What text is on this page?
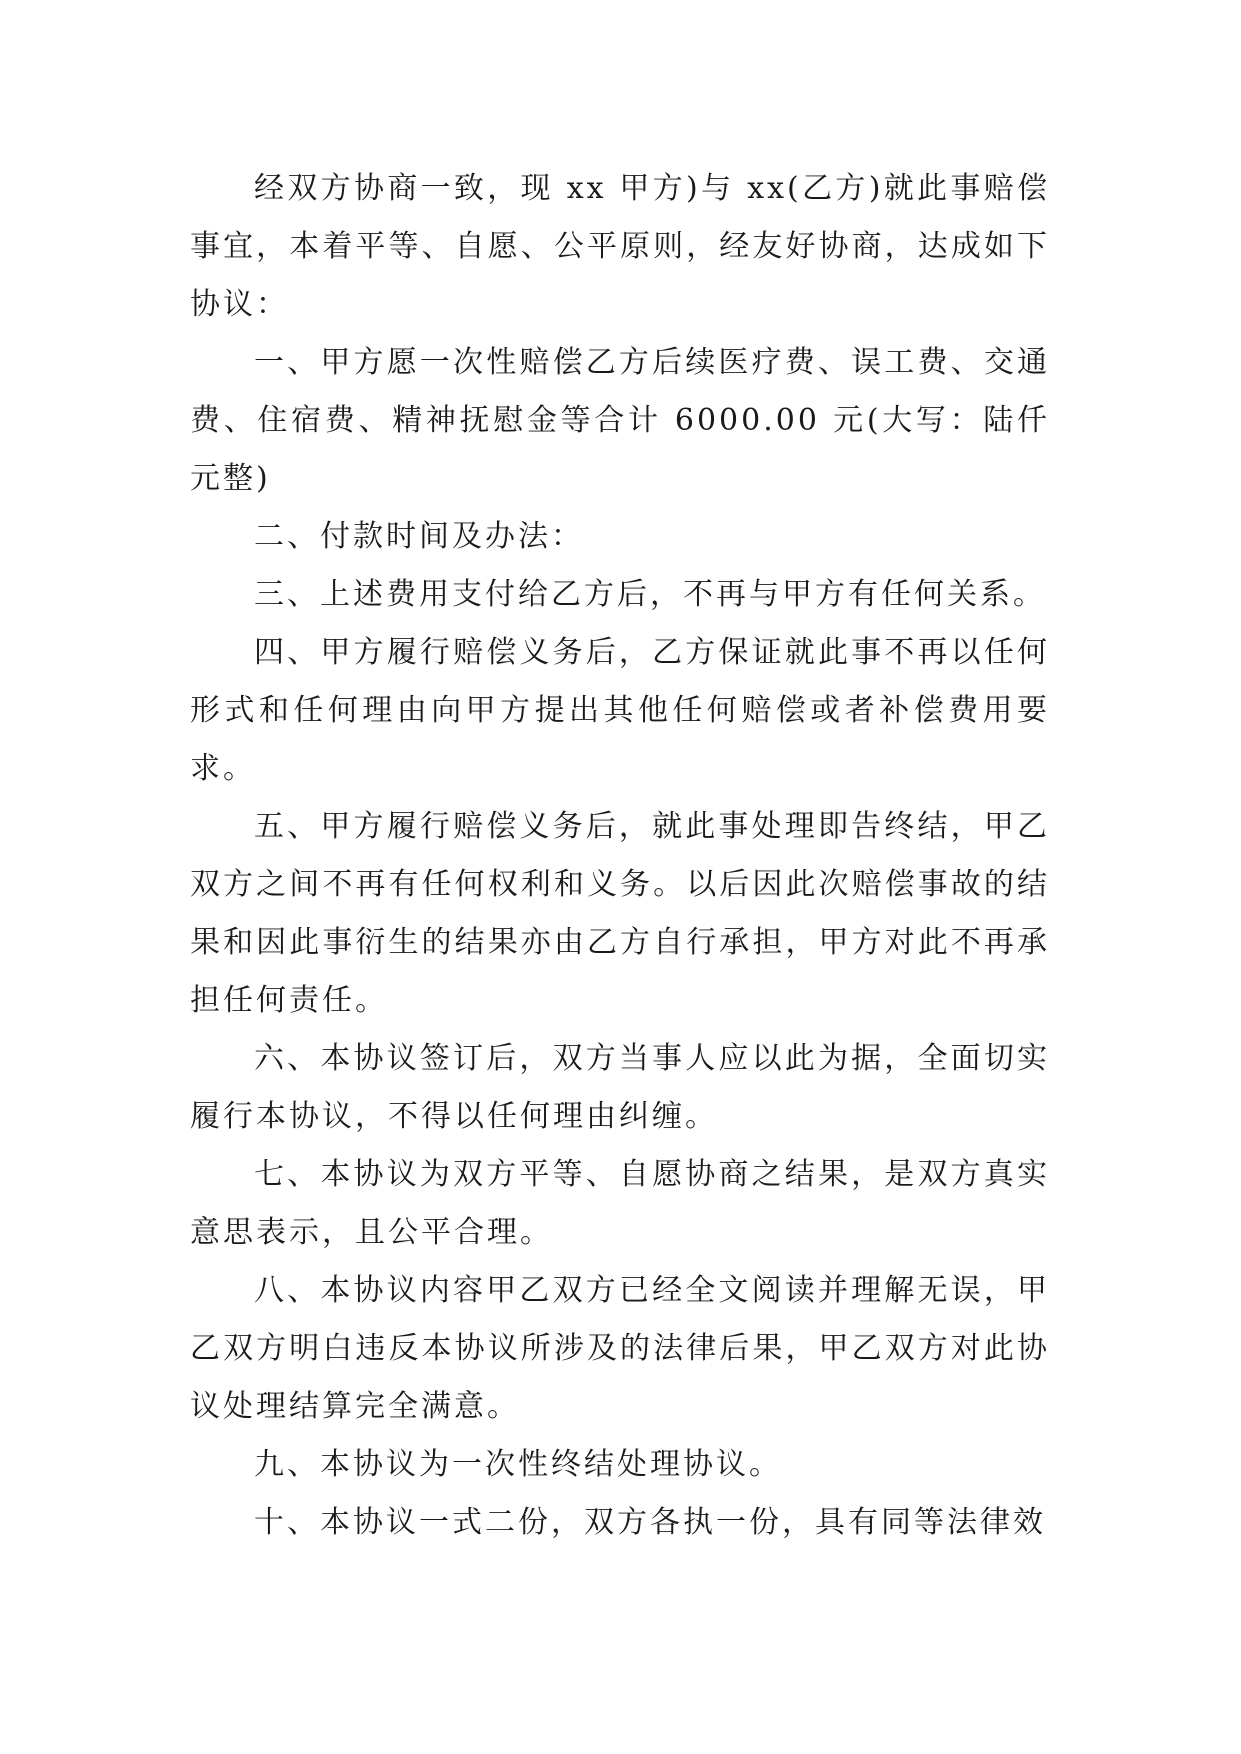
经双方协商一致，现 xx 甲方)与 xx(乙方)就此事赔偿事宜，本着平等、自愿、公平原则，经友好协商，达成如下协议：

一、甲方愿一次性赔偿乙方后续医疗费、误工费、交通费、住宿费、精神抚慰金等合计 6000.00 元(大写：陆仟元整)

二、付款时间及办法：

三、上述费用支付给乙方后，不再与甲方有任何关系。

四、甲方履行赔偿义务后，乙方保证就此事不再以任何形式和任何理由向甲方提出其他任何赔偿或者补偿费用要求。

五、甲方履行赔偿义务后，就此事处理即告终结，甲乙双方之间不再有任何权利和义务。以后因此次赔偿事故的结果和因此事衍生的结果亦由乙方自行承担，甲方对此不再承担任何责任。

六、本协议签订后，双方当事人应以此为据，全面切实履行本协议，不得以任何理由纠缠。

七、本协议为双方平等、自愿协商之结果，是双方真实意思表示，且公平合理。

八、本协议内容甲乙双方已经全文阅读并理解无误，甲乙双方明白违反本协议所涉及的法律后果，甲乙双方对此协议处理结算完全满意。

九、本协议为一次性终结处理协议。

十、本协议一式二份，双方各执一份，具有同等法律效
